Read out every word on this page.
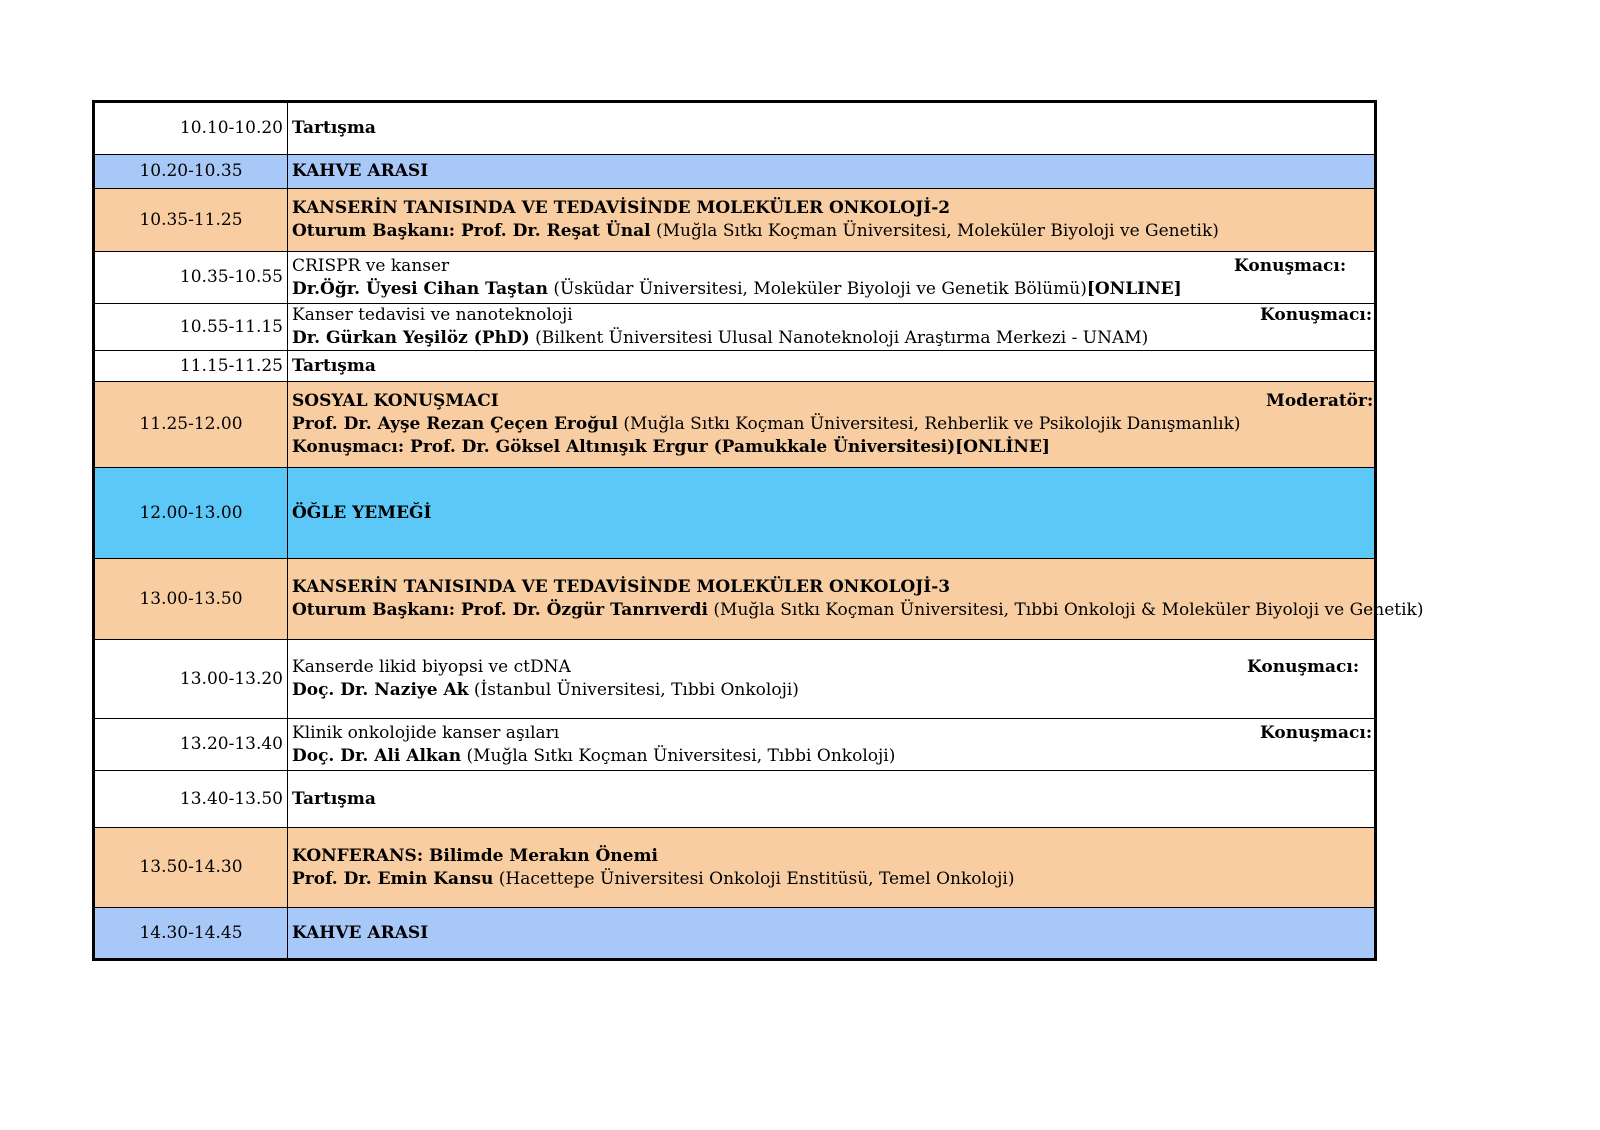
10.10-10.20	Tartışma
10.20-10.35	KAHVE ARASI
10.35-11.25	KANSERİN TANISINDA VE TEDAVİSİNDE MOLEKÜLER ONKOLOJİ-2
Oturum Başkanı: Prof. Dr. Reşat Ünal (Muğla Sıtkı Koçman Üniversitesi, Moleküler Biyoloji ve Genetik)

10.35-10.55	CRISPR ve kanser Konuşmacı:
Dr.Öğr. Üyesi Cihan Taştan (Üsküdar Üniversitesi, Moleküler Biyoloji ve Genetik Bölümü)[ONLINE]

10.55-11.15	Kanser tedavisi ve nanoteknoloji Konuşmacı:
Dr. Gürkan Yeşilöz (PhD) (Bilkent Üniversitesi Ulusal Nanoteknoloji Araştırma Merkezi - UNAM)

11.15-11.25	Tartışma
11.25-12.00	SOSYAL KONUŞMACI Moderatör:
Prof. Dr. Ayşe Rezan Çeçen Eroğul (Muğla Sıtkı Koçman Üniversitesi, Rehberlik ve Psikolojik Danışmanlık)
Konuşmacı: Prof. Dr. Göksel Altınışık Ergur (Pamukkale Üniversitesi)[ONLİNE]

12.00-13.00	ÖĞLE YEMEĞİ
13.00-13.50	KANSERİN TANISINDA VE TEDAVİSİNDE MOLEKÜLER ONKOLOJİ-3
Oturum Başkanı: Prof. Dr. Özgür Tanrıverdi (Muğla Sıtkı Koçman Üniversitesi, Tıbbi Onkoloji & Moleküler Biyoloji ve Genetik)

13.00-13.20	Kanserde likid biyopsi ve ctDNA Konuşmacı:
Doç. Dr. Naziye Ak (İstanbul Üniversitesi, Tıbbi Onkoloji)

13.20-13.40	Klinik onkolojide kanser aşıları Konuşmacı:
Doç. Dr. Ali Alkan (Muğla Sıtkı Koçman Üniversitesi, Tıbbi Onkoloji)

13.40-13.50	Tartışma
13.50-14.30	KONFERANS: Bilimde Merakın Önemi
Prof. Dr. Emin Kansu (Hacettepe Üniversitesi Onkoloji Enstitüsü, Temel Onkoloji)

14.30-14.45	KAHVE ARASI
